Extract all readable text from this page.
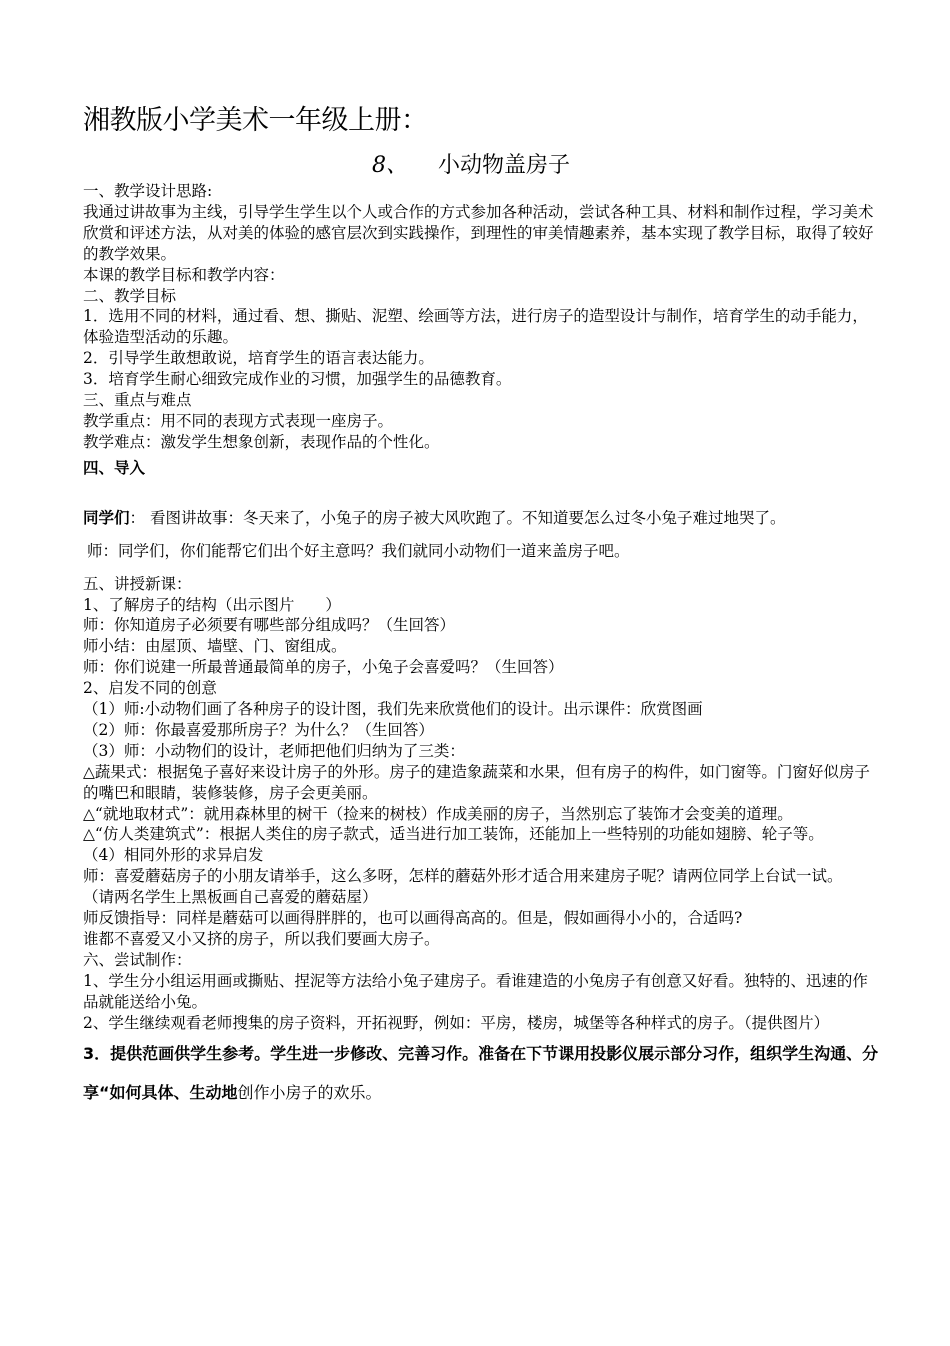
湘教版小学美术一年级上册：
8、 小动物盖房子

一、教学设计思路:

我通过讲故事为主线，引导学生学生以个人或合作的方式参加各种活动，尝试各种工具、材料和制作过程，学习美术欣赏和评述方法，从对美的体验的感官层次到实践操作，到理性的审美情趣素养，基本实现了教学目标，取得了较好的教学效果。

本课的教学目标和教学内容：

二、教学目标

1．选用不同的材料，通过看、想、撕贴、泥塑、绘画等方法，进行房子的造型设计与制作，培育学生的动手能力，体验造型活动的乐趣。

2．引导学生敢想敢说，培育学生的语言表达能力。

3．培育学生耐心细致完成作业的习惯，加强学生的品德教育。

三、重点与难点

教学重点：用不同的表现方式表现一座房子。

教学难点：激发学生想象创新，表现作品的个性化。

四、导入

同学们： 看图讲故事：冬天来了，小兔子的房子被大风吹跑了。不知道要怎么过冬小兔子难过地哭了。

师：同学们，你们能帮它们出个好主意吗？我们就同小动物们一道来盖房子吧。

五、讲授新课：

1、了解房子的结构（出示图片　　）

师：你知道房子必须要有哪些部分组成吗？（生回答）

师小结：由屋顶、墙壁、门、窗组成。

师：你们说建一所最普通最简单的房子，小兔子会喜爱吗？（生回答）

2、启发不同的创意

（1）师:小动物们画了各种房子的设计图，我们先来欣赏他们的设计。出示课件：欣赏图画

（2）师：你最喜爱那所房子？为什么？（生回答）

（3）师：小动物们的设计，老师把他们归纳为了三类：

△蔬果式：根据兔子喜好来设计房子的外形。房子的建造象蔬菜和水果，但有房子的构件，如门窗等。门窗好似房子的嘴巴和眼睛，装修装修，房子会更美丽。

△“就地取材式”：就用森林里的树干（捡来的树枝）作成美丽的房子，当然别忘了装饰才会变美的道理。

△“仿人类建筑式”：根据人类住的房子款式，适当进行加工装饰，还能加上一些特别的功能如翅膀、轮子等。

（4）相同外形的求异启发

师：喜爱蘑菇房子的小朋友请举手，这么多呀，怎样的蘑菇外形才适合用来建房子呢？请两位同学上台试一试。

（请两名学生上黑板画自己喜爱的蘑菇屋）

师反馈指导：同样是蘑菇可以画得胖胖的，也可以画得高高的。但是，假如画得小小的，合适吗?

谁都不喜爱又小又挤的房子，所以我们要画大房子。

六、尝试制作：

1、学生分小组运用画或撕贴、捏泥等方法给小兔子建房子。看谁建造的小兔房子有创意又好看。独特的、迅速的作品就能送给小兔。

2、学生继续观看老师搜集的房子资料，开拓视野，例如：平房，楼房，城堡等各种样式的房子。（提供图片）

3．提供范画供学生参考。学生进一步修改、完善习作。准备在下节课用投影仪展示部分习作，组织学生沟通、分享“如何具体、生动地创作小房子的欢乐。
